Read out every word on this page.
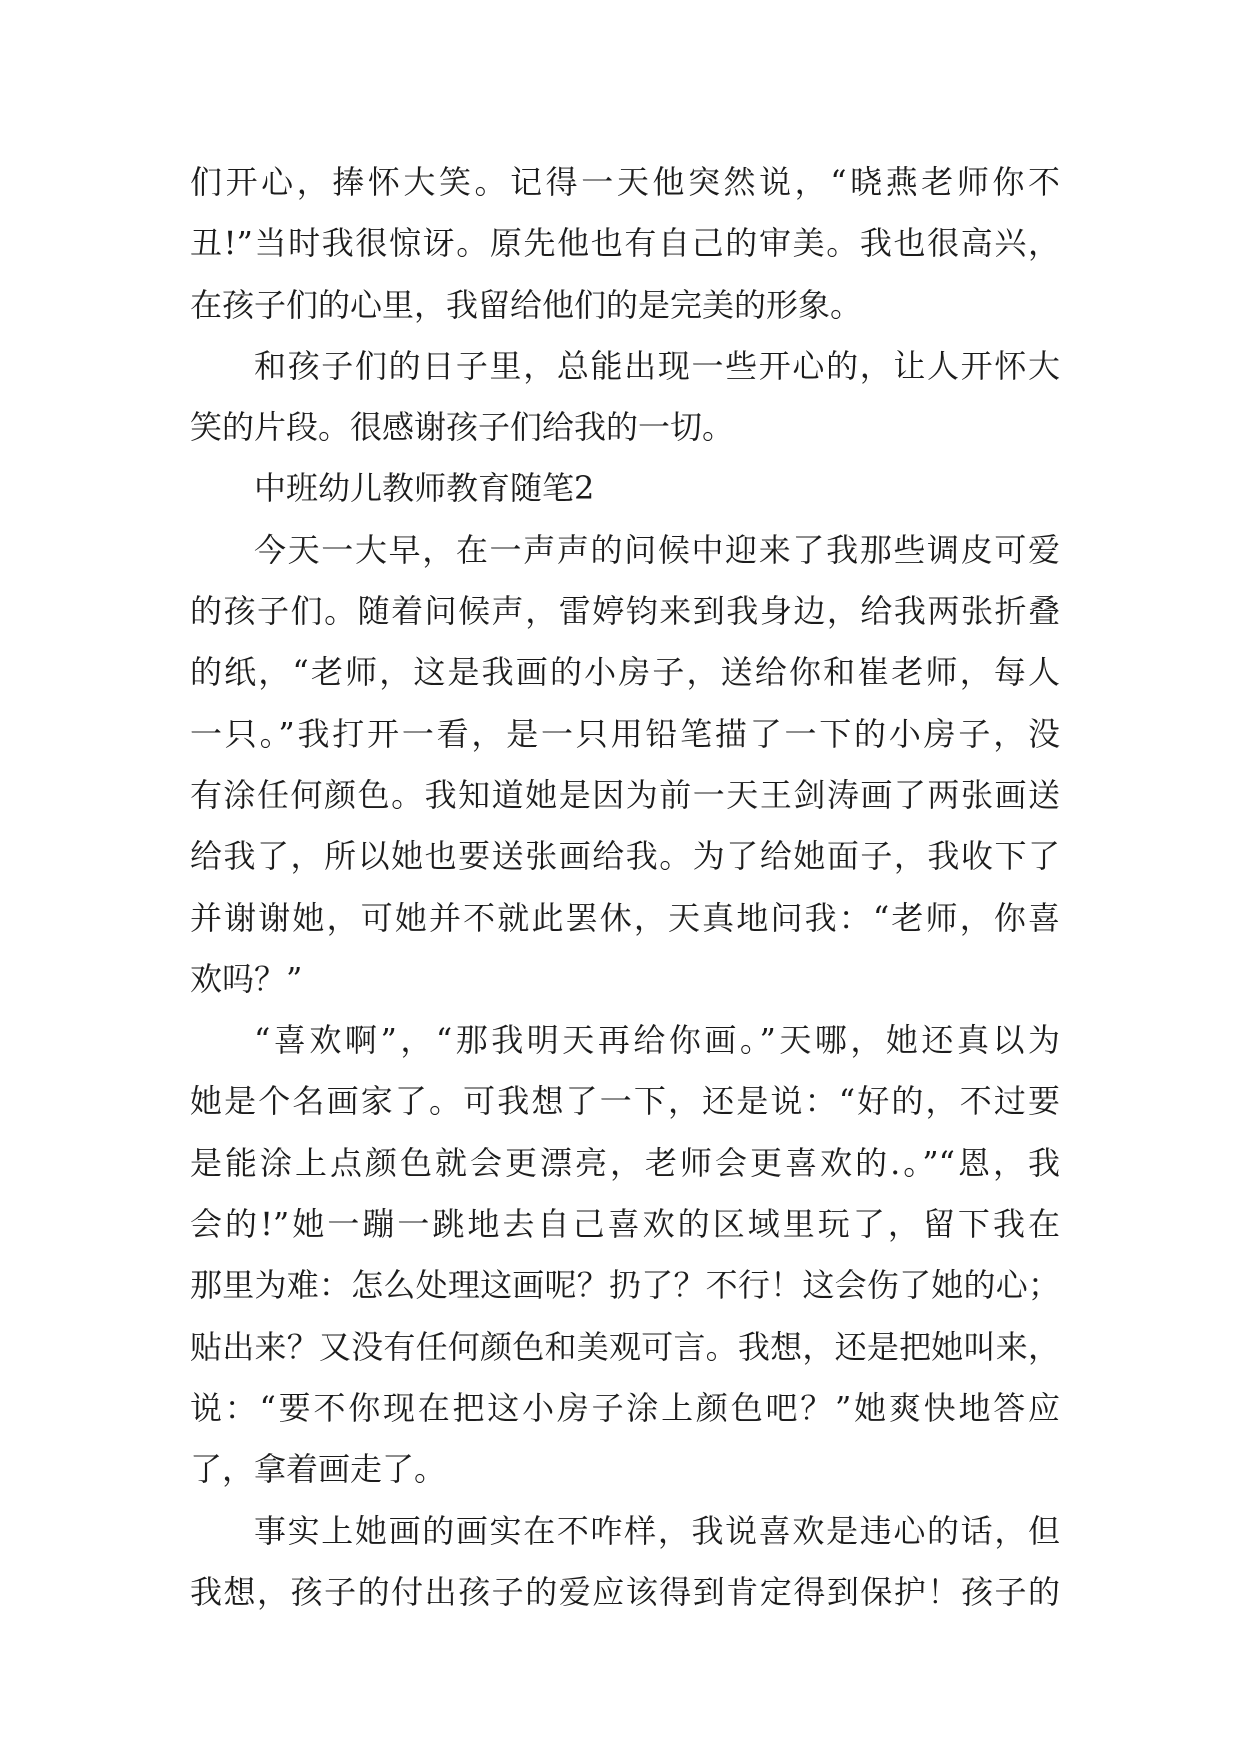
们开心，捧怀大笑。记得一天他突然说，“晓燕老师你不
丑!”当时我很惊讶。原先他也有自己的审美。我也很高兴，
在孩子们的心里，我留给他们的是完美的形象。
和孩子们的日子里，总能出现一些开心的，让人开怀大
笑的片段。很感谢孩子们给我的一切。
中班幼儿教师教育随笔2
今天一大早，在一声声的问候中迎来了我那些调皮可爱
的孩子们。随着问候声，雷婷钧来到我身边，给我两张折叠
的纸，“老师，这是我画的小房子，送给你和崔老师，每人
一只。”我打开一看，是一只用铅笔描了一下的小房子，没
有涂任何颜色。我知道她是因为前一天王剑涛画了两张画送
给我了，所以她也要送张画给我。为了给她面子，我收下了
并谢谢她，可她并不就此罢休，天真地问我：“老师，你喜
欢吗？”
“喜欢啊”，“那我明天再给你画。”天哪，她还真以为
她是个名画家了。可我想了一下，还是说：“好的，不过要
是能涂上点颜色就会更漂亮，老师会更喜欢的.。”“恩，我
会的!”她一蹦一跳地去自己喜欢的区域里玩了，留下我在
那里为难：怎么处理这画呢？扔了？不行！这会伤了她的心；
贴出来？又没有任何颜色和美观可言。我想，还是把她叫来，
说：“要不你现在把这小房子涂上颜色吧？”她爽快地答应
了，拿着画走了。
事实上她画的画实在不咋样，我说喜欢是违心的话，但
我想，孩子的付出孩子的爱应该得到肯定得到保护！孩子的
